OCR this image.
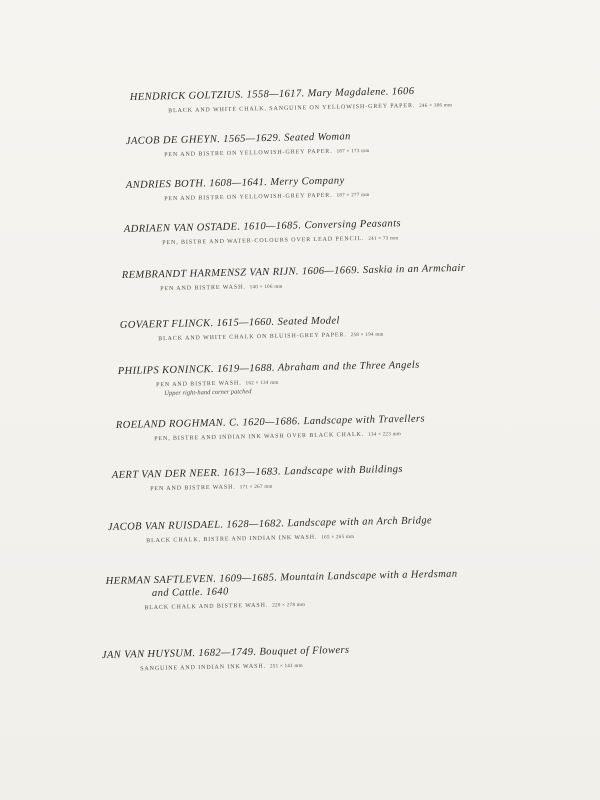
HENDRICK GOLTZIUS. 1558—1617. Mary Magdalene. 1606
BLACK AND WHITE CHALK, SANGUINE ON YELLOWISH-GREY PAPER. 246 × 186 mm
JACOB DE GHEYN. 1565—1629. Seated Woman
PEN AND BISTRE ON YELLOWISH-GREY PAPER. 187 × 173 mm
ANDRIES BOTH. 1608—1641. Merry Company
PEN AND BISTRE ON YELLOWISH-GREY PAPER. 187 × 277 mm
ADRIAEN VAN OSTADE. 1610—1685. Conversing Peasants
PEN, BISTRE AND WATER-COLOURS OVER LEAD PENCIL. 241 × 73 mm
REMBRANDT HARMENSZ VAN RIJN. 1606—1669. Saskia in an Armchair
PEN AND BISTRE WASH. 140 × 106 mm
GOVAERT FLINCK. 1615—1660. Seated Model
BLACK AND WHITE CHALK ON BLUISH-GREY PAPER. 258 × 194 mm
PHILIPS KONINCK. 1619—1688. Abraham and the Three Angels
PEN AND BISTRE WASH. 162 × 134 mm
Upper right-hand corner patched
ROELAND ROGHMAN. C. 1620—1686. Landscape with Travellers
PEN, BISTRE AND INDIAN INK WASH OVER BLACK CHALK. 134 × 223 mm
AERT VAN DER NEER. 1613—1683. Landscape with Buildings
PEN AND BISTRE WASH. 171 × 267 mm
JACOB VAN RUISDAEL. 1628—1682. Landscape with an Arch Bridge
BLACK CHALK, BISTRE AND INDIAN INK WASH. 165 × 265 mm
HERMAN SAFTLEVEN. 1609—1685. Mountain Landscape with a Herdsman
and Cattle. 1640
BLACK CHALK AND BISTRE WASH. 220 × 278 mm
JAN VAN HUYSUM. 1682—1749. Bouquet of Flowers
SANGUINE AND INDIAN INK WASH. 251 × 141 mm
